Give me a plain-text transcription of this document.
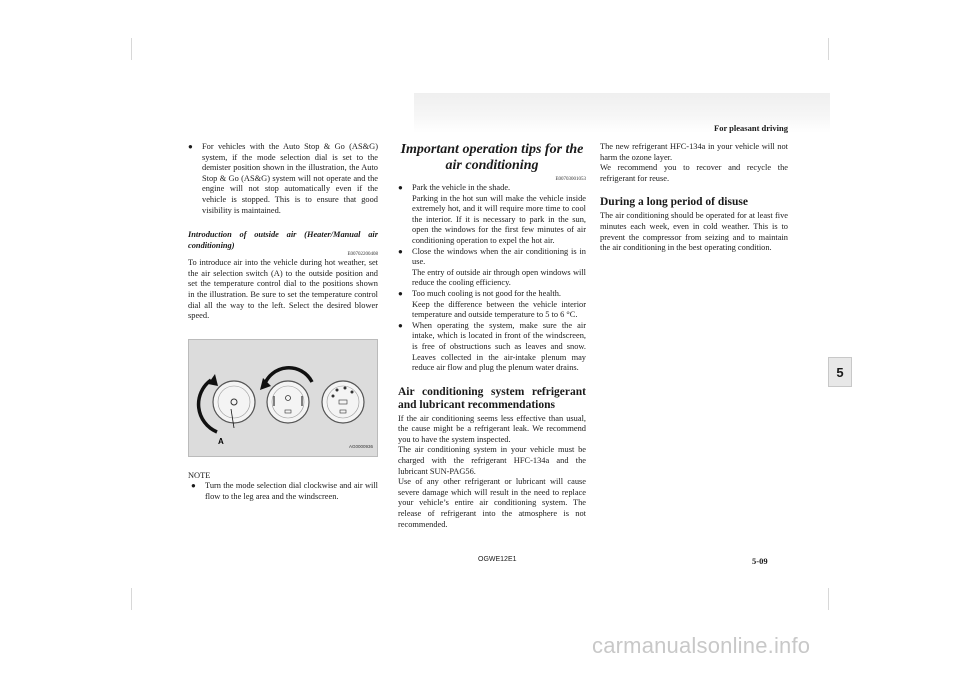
For pleasant driving
● For vehicles with the Auto Stop & Go (AS&G) system, if the mode selection dial is set to the demister position shown in the illustration, the Auto Stop & Go (AS&G) system will not operate and the engine will not stop automatically even if the vehicle is stopped. This is to ensure that good visibility is maintained.

Introduction of outside air (Heater/Manual air conditioning)

E00702200408

To introduce air into the vehicle during hot weather, set the air selection switch (A) to the outside position and set the temperature control dial to the positions shown in the illustration. Be sure to set the temperature control dial all the way to the left. Select the desired blower speed.

A
AG0000936

NOTE

● Turn the mode selection dial clockwise and air will flow to the leg area and the windscreen.
Important operation tips for the air conditioning
E00703001053
● Park the vehicle in the shade.

Parking in the hot sun will make the vehicle inside extremely hot, and it will require more time to cool the interior. If it is necessary to park in the sun, open the windows for the first few minutes of air conditioning operation to expel the hot air.

● Close the windows when the air conditioning is in use.

The entry of outside air through open windows will reduce the cooling efficiency.

● Too much cooling is not good for the health.

Keep the difference between the vehicle interior temperature and outside temperature to 5 to 6 °C.

● When operating the system, make sure the air intake, which is located in front of the windscreen, is free of obstructions such as leaves and snow. Leaves collected in the air-intake plenum may reduce air flow and plug the plenum water drains.

Air conditioning system refrigerant and lubricant recommendations

If the air conditioning seems less effective than usual, the cause might be a refrigerant leak. We recommend you to have the system inspected.

The air conditioning system in your vehicle must be charged with the refrigerant HFC-134a and the lubricant SUN-PAG56.

Use of any other refrigerant or lubricant will cause severe damage which will result in the need to replace your vehicle’s entire air conditioning system. The release of refrigerant into the atmosphere is not recommended.

The new refrigerant HFC-134a in your vehicle will not harm the ozone layer.

We recommend you to recover and recycle the refrigerant for reuse.

During a long period of disuse

The air conditioning should be operated for at least five minutes each week, even in cold weather. This is to prevent the compressor from seizing and to maintain the air conditioning in the best operating condition.

5
OGWE12E1	5-09
carmanualsonline.info
